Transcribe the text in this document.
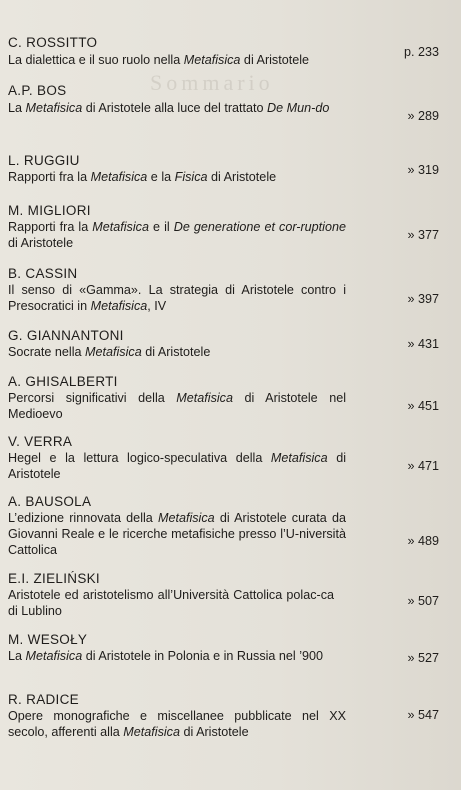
Sommario
C. ROSSITTO
La dialettica e il suo ruolo nella Metafisica di Aristotele
p. 233
A.P. BOS
La Metafisica di Aristotele alla luce del trattato De Mun-do
» 289
L. RUGGIU
Rapporti fra la Metafisica e la Fisica di Aristotele	» 319
M. MIGLIORI
Rapporti fra la Metafisica e il De generatione et cor-ruptione di Aristotele
» 377
B. CASSIN
Il senso di «Gamma». La strategia di Aristotele contro i Presocratici in Metafisica, IV	» 397
G. GIANNANTONI
Socrate nella Metafisica di Aristotele
» 431
A. GHISALBERTI
Percorsi significativi della Metafisica di Aristotele nel Medioevo
» 451
V. VERRA
Hegel e la lettura logico-speculativa della Metafisica di Aristotele
» 471
A. BAUSOLA
L’edizione rinnovata della Metafisica di Aristotele curata da Giovanni Reale e le ricerche metafisiche presso l’U-niversità Cattolica
» 489
E.I. ZIELIŃSKI
Aristotele ed aristotelismo all’Università Cattolica polac-ca di Lublino
» 507
M. WESOŁY
La Metafisica di Aristotele in Polonia e in Russia nel ’900	» 527
R. RADICE
Opere monografiche e miscellanee pubblicate nel XX secolo, afferenti alla Metafisica di Aristotele
» 547
